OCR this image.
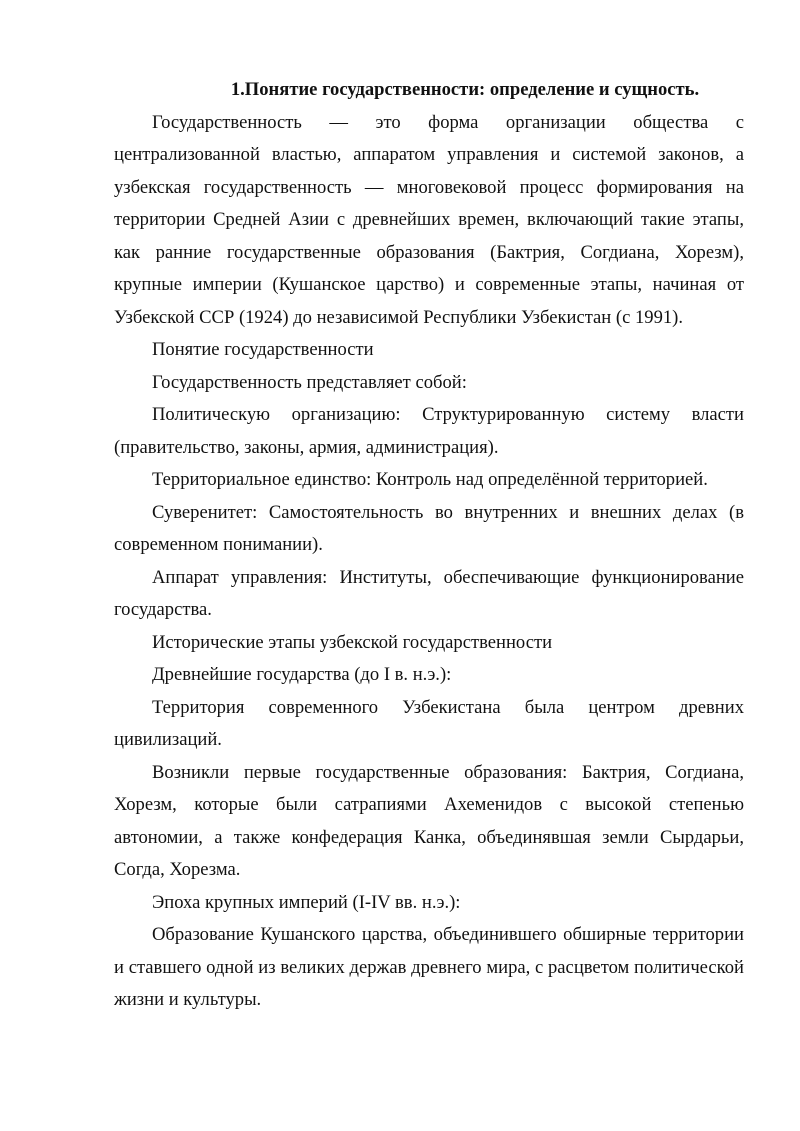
1.Понятие государственности: определение и сущность.

Государственность — это форма организации общества с централизованной властью, аппаратом управления и системой законов, а узбекская государственность — многовековой процесс формирования на территории Средней Азии с древнейших времен, включающий такие этапы, как ранние государственные образования (Бактрия, Согдиана, Хорезм), крупные империи (Кушанское царство) и современные этапы, начиная от Узбекской ССР (1924) до независимой Республики Узбекистан (с 1991).

Понятие государственности

Государственность представляет собой:

Политическую организацию: Структурированную систему власти (правительство, законы, армия, администрация).

Территориальное единство: Контроль над определённой территорией.

Суверенитет: Самостоятельность во внутренних и внешних делах (в современном понимании).

Аппарат управления: Институты, обеспечивающие функционирование государства.

Исторические этапы узбекской государственности

Древнейшие государства (до I в. н.э.):

Территория современного Узбекистана была центром древних цивилизаций.

Возникли первые государственные образования: Бактрия, Согдиана, Хорезм, которые были сатрапиями Ахеменидов с высокой степенью автономии, а также конфедерация Канка, объединявшая земли Сырдарьи, Согда, Хорезма.

Эпоха крупных империй (I-IV вв. н.э.):

Образование Кушанского царства, объединившего обширные территории и ставшего одной из великих держав древнего мира, с расцветом политической жизни и культуры.
